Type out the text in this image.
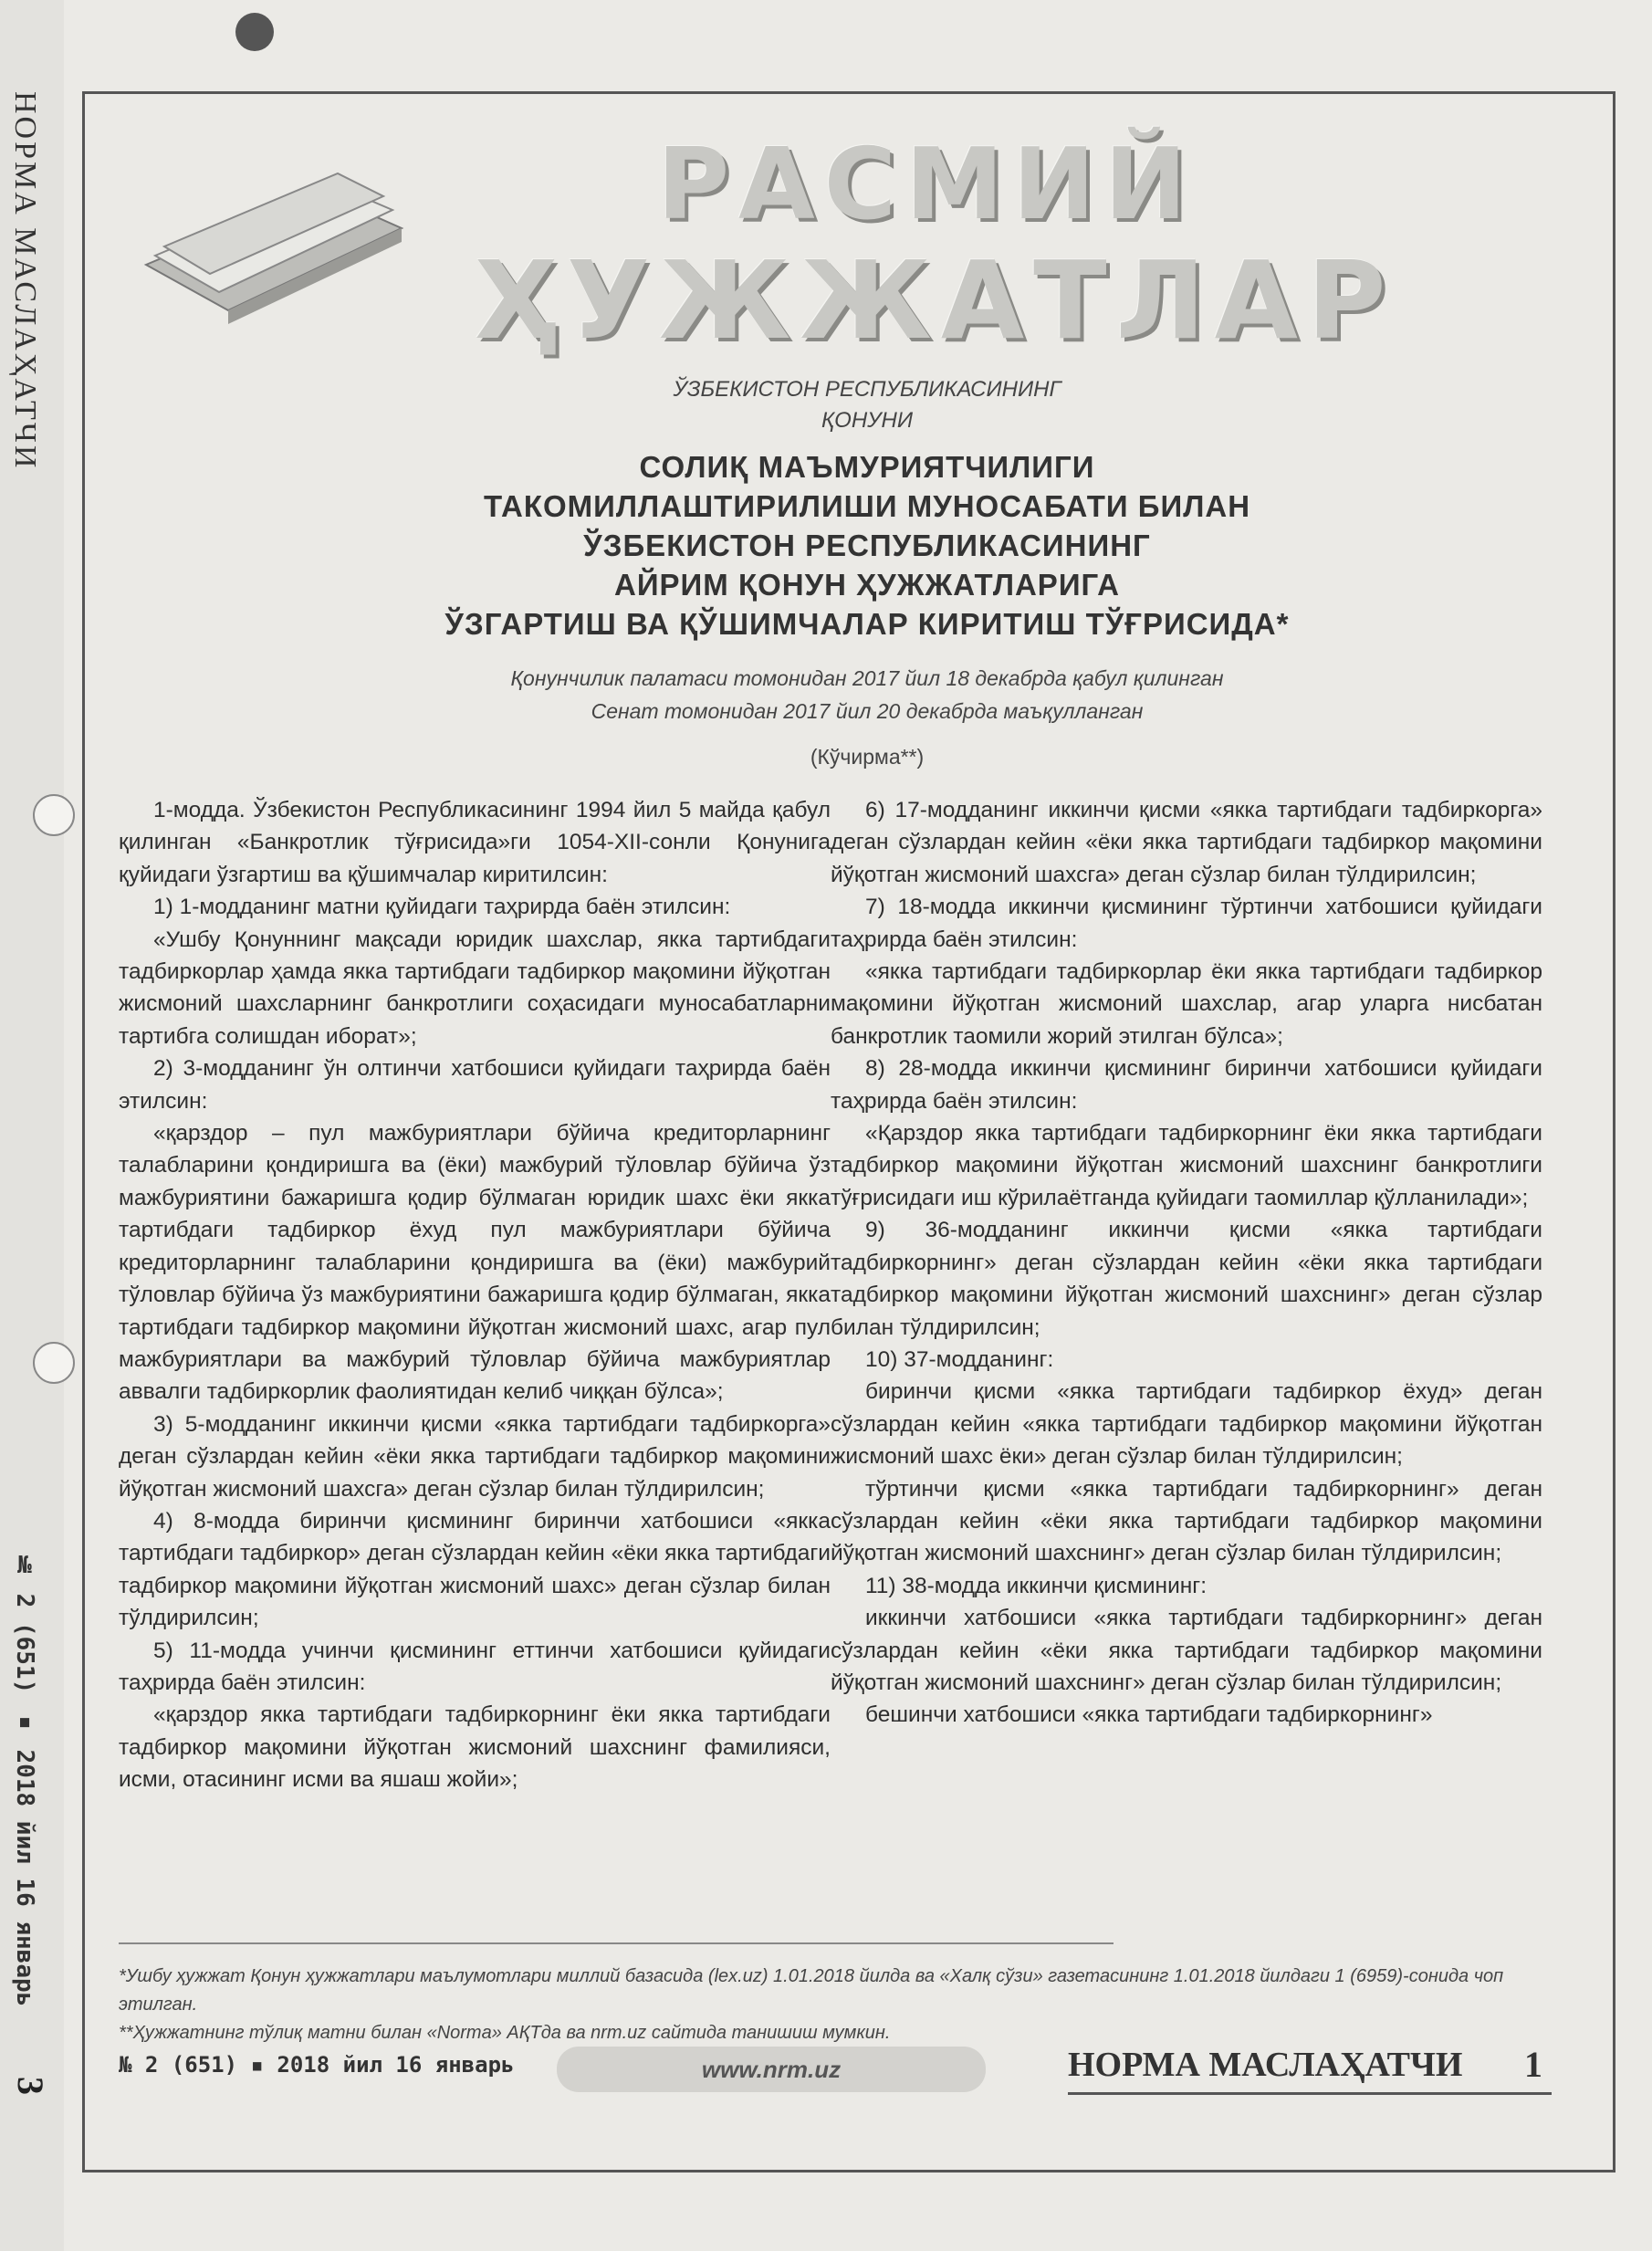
НОРМА МАСЛАҲАТЧИ
№ 2 (651) ▪ 2018 йил 16 январь
3
РАСМИЙ
ҲУЖЖАТЛАР
ЎЗБЕКИСТОН РЕСПУБЛИКАСИНИНГ
ҚОНУНИ
СОЛИҚ МАЪМУРИЯТЧИЛИГИ
ТАКОМИЛЛАШТИРИЛИШИ МУНОСАБАТИ БИЛАН
ЎЗБЕКИСТОН РЕСПУБЛИКАСИНИНГ
АЙРИМ ҚОНУН ҲУЖЖАТЛАРИГА
ЎЗГАРТИШ ВА ҚЎШИМЧАЛАР КИРИТИШ ТЎҒРИСИДА*
Қонунчилик палатаси томонидан 2017 йил 18 декабрда қабул қилинган
Сенат томонидан 2017 йил 20 декабрда маъқулланган
(Кўчирма**)

1-модда. Ўзбекистон Республикасининг 1994 йил 5 майда қабул қилинган «Банкротлик тўғрисида»ги 1054-XII-сонли Қонунига қуйидаги ўзгартиш ва қўшимчалар киритилсин:

1) 1-модданинг матни қуйидаги таҳрирда баён этилсин:

«Ушбу Қонуннинг мақсади юридик шахслар, якка тартибдаги тадбиркорлар ҳамда якка тартибдаги тадбиркор мақомини йўқотган жисмоний шахсларнинг банкротлиги соҳасидаги муносабатларни тартибга солишдан иборат»;

2) 3-модданинг ўн олтинчи хатбошиси қуйидаги таҳрирда баён этилсин:

«қарздор – пул мажбуриятлари бўйича кредиторларнинг талабларини қондиришга ва (ёки) мажбурий тўловлар бўйича ўз мажбуриятини бажаришга қодир бўлмаган юридик шахс ёки якка тартибдаги тадбиркор ёхуд пул мажбуриятлари бўйича кредиторларнинг талабларини қондиришга ва (ёки) мажбурий тўловлар бўйича ўз мажбуриятини бажаришга қодир бўлмаган, якка тартибдаги тадбиркор мақомини йўқотган жисмоний шахс, агар пул мажбуриятлари ва мажбурий тўловлар бўйича мажбуриятлар аввалги тадбиркорлик фаолиятидан келиб чиққан бўлса»;

3) 5-модданинг иккинчи қисми «якка тартибдаги тадбиркорга» деган сўзлардан кейин «ёки якка тартибдаги тадбиркор мақомини йўқотган жисмоний шахсга» деган сўзлар билан тўлдирилсин;

4) 8-модда биринчи қисмининг биринчи хатбошиси «якка тартибдаги тадбиркор» деган сўзлардан кейин «ёки якка тартибдаги тадбиркор мақомини йўқотган жисмоний шахс» деган сўзлар билан тўлдирилсин;

5) 11-модда учинчи қисмининг еттинчи хатбошиси қуйидаги таҳрирда баён этилсин:

«қарздор якка тартибдаги тадбиркорнинг ёки якка тартибдаги тадбиркор мақомини йўқотган жисмоний шахснинг фамилияси, исми, отасининг исми ва яшаш жойи»;

6) 17-модданинг иккинчи қисми «якка тартибдаги тадбиркорга» деган сўзлардан кейин «ёки якка тартибдаги тадбиркор мақомини йўқотган жисмоний шахсга» деган сўзлар билан тўлдирилсин;

7) 18-модда иккинчи қисмининг тўртинчи хатбошиси қуйидаги таҳрирда баён этилсин:

«якка тартибдаги тадбиркорлар ёки якка тартибдаги тадбиркор мақомини йўқотган жисмоний шахслар, агар уларга нисбатан банкротлик таомили жорий этилган бўлса»;

8) 28-модда иккинчи қисмининг биринчи хатбошиси қуйидаги таҳрирда баён этилсин:

«Қарздор якка тартибдаги тадбиркорнинг ёки якка тартибдаги тадбиркор мақомини йўқотган жисмоний шахснинг банкротлиги тўғрисидаги иш кўрилаётганда қуйидаги таомиллар қўлланилади»;

9) 36-модданинг иккинчи қисми «якка тартибдаги тадбиркорнинг» деган сўзлардан кейин «ёки якка тартибдаги тадбиркор мақомини йўқотган жисмоний шахснинг» деган сўзлар билан тўлдирилсин;

10) 37-модданинг:

биринчи қисми «якка тартибдаги тадбиркор ёхуд» деган сўзлардан кейин «якка тартибдаги тадбиркор мақомини йўқотган жисмоний шахс ёки» деган сўзлар билан тўлдирилсин;

тўртинчи қисми «якка тартибдаги тадбиркорнинг» деган сўзлардан кейин «ёки якка тартибдаги тадбиркор мақомини йўқотган жисмоний шахснинг» деган сўзлар билан тўлдирилсин;

11) 38-модда иккинчи қисмининг:

иккинчи хатбошиси «якка тартибдаги тадбиркорнинг» деган сўзлардан кейин «ёки якка тартибдаги тадбиркор мақомини йўқотган жисмоний шахснинг» деган сўзлар билан тўлдирилсин;

бешинчи хатбошиси «якка тартибдаги тадбиркорнинг»

*Ушбу ҳужжат Қонун ҳужжатлари маълумотлари миллий базасида (lex.uz) 1.01.2018 йилда ва «Халқ сўзи» газетасининг 1.01.2018 йилдаги 1 (6959)-сонида чоп этилган.

**Ҳужжатнинг тўлиқ матни билан «Norma» АҚТда ва nrm.uz сайтида танишиш мумкин.

№ 2 (651) ▪ 2018 йил 16 январь	www.nrm.uz	НОРМА МАСЛАҲАТЧИ 1
